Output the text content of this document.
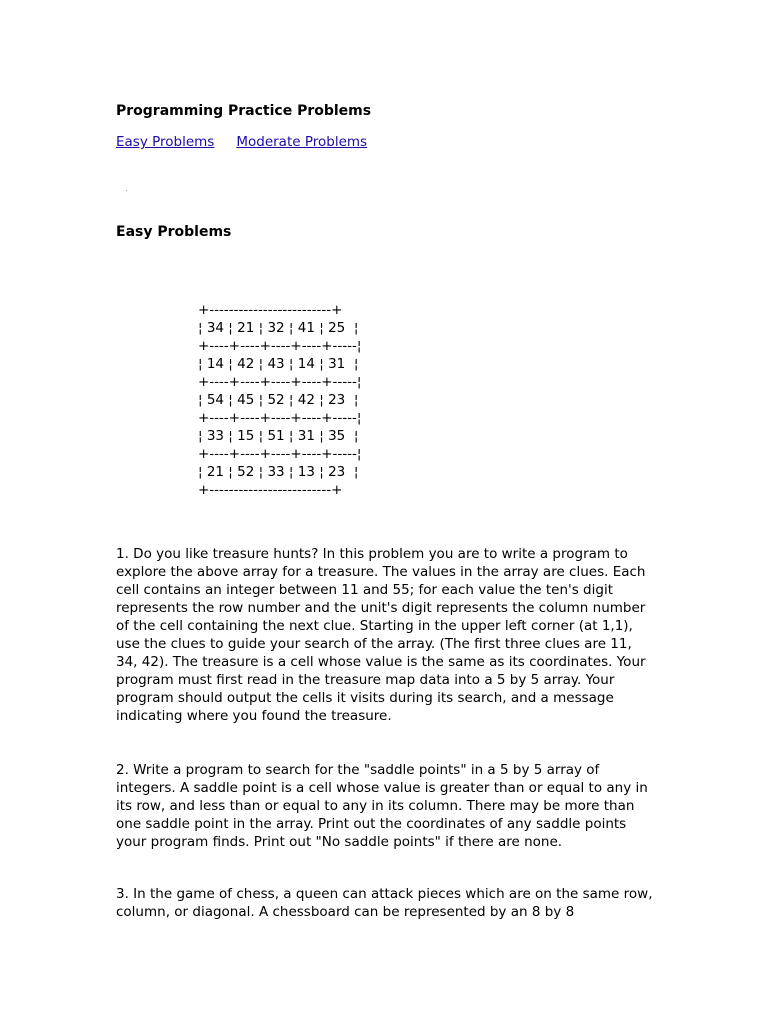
Programming Practice Problems
Easy Problems Moderate Problems
Easy Problems
+-------------------------+
¦ 34 ¦ 21 ¦ 32 ¦ 41 ¦ 25  ¦
+----+----+----+----+-----¦
¦ 14 ¦ 42 ¦ 43 ¦ 14 ¦ 31  ¦
+----+----+----+----+-----¦
¦ 54 ¦ 45 ¦ 52 ¦ 42 ¦ 23  ¦
+----+----+----+----+-----¦
¦ 33 ¦ 15 ¦ 51 ¦ 31 ¦ 35  ¦
+----+----+----+----+-----¦
¦ 21 ¦ 52 ¦ 33 ¦ 13 ¦ 23  ¦
+-------------------------+

1. Do you like treasure hunts? In this problem you are to write a program to explore the above array for a treasure. The values in the array are clues. Each cell contains an integer between 11 and 55; for each value the ten's digit represents the row number and the unit's digit represents the column number of the cell containing the next clue. Starting in the upper left corner (at 1,1), use the clues to guide your search of the array. (The first three clues are 11, 34, 42). The treasure is a cell whose value is the same as its coordinates. Your program must first read in the treasure map data into a 5 by 5 array. Your program should output the cells it visits during its search, and a message indicating where you found the treasure.

2. Write a program to search for the "saddle points" in a 5 by 5 array of integers. A saddle point is a cell whose value is greater than or equal to any in its row, and less than or equal to any in its column. There may be more than one saddle point in the array. Print out the coordinates of any saddle points your program finds. Print out "No saddle points" if there are none.

3. In the game of chess, a queen can attack pieces which are on the same row, column, or diagonal. A chessboard can be represented by an 8 by 8
